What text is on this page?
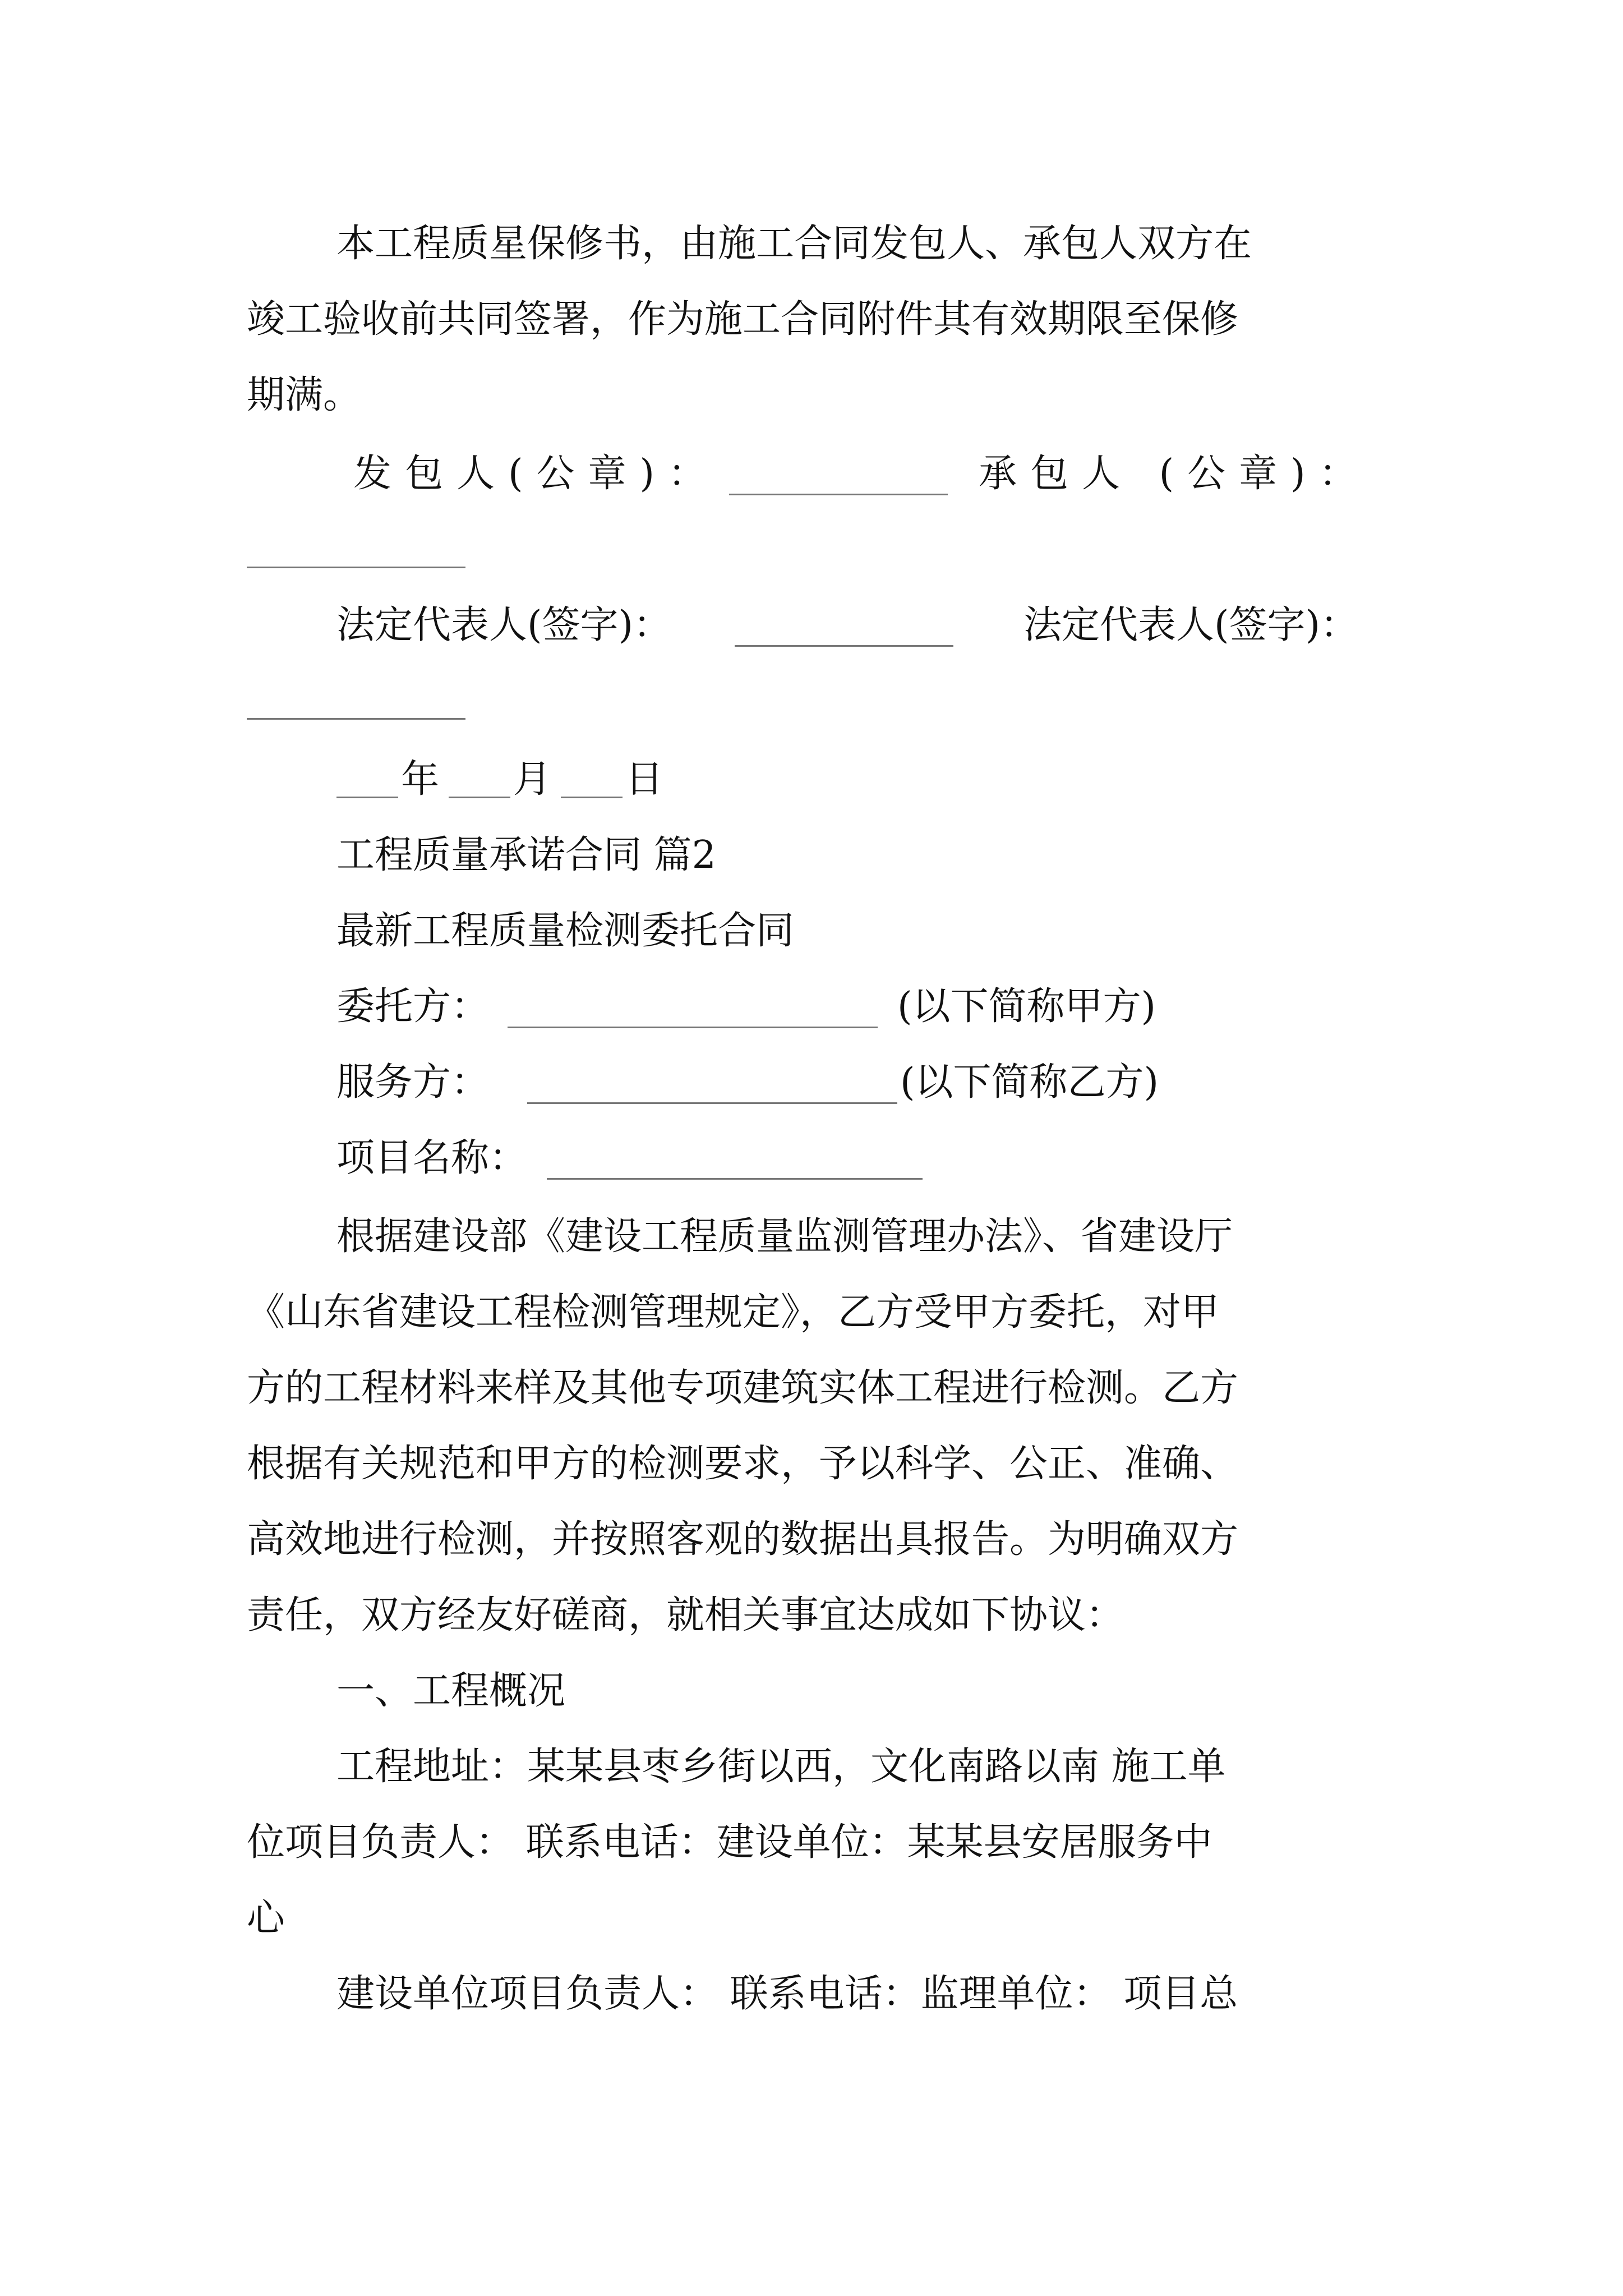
本工程质星保修书，由施工合同发包人、承包人双方在
竣工验收前共同签署，作为施工合同附件其有效期限至保修
期满。
发包人(公章)：	承包人 (公章)：
法定代表人(签字)：	法定代表人(签字)：
年 月 日
工程质量承诺合同 篇2
最新工程质量检测委托合同
委托方：	(以下简称甲方)
服务方：	(以下简称乙方)
项目名称：
根据建设部《建设工程质量监测管理办法》、省建设厅
《山东省建设工程检测管理规定》，乙方受甲方委托，对甲
方的工程材料来样及其他专项建筑实体工程进行检测。乙方
根据有关规范和甲方的检测要求，予以科学、公正、准确、
高效地进行检测，并按照客观的数据出具报告。为明确双方
责任，双方经友好磋商，就相关事宜达成如下协议：
一、工程概况
工程地址：某某县枣乡街以西，文化南路以南 施工单
位项目负责人： 联系电话：建设单位：某某县安居服务中
心
建设单位项目负责人： 联系电话：监理单位： 项目总
